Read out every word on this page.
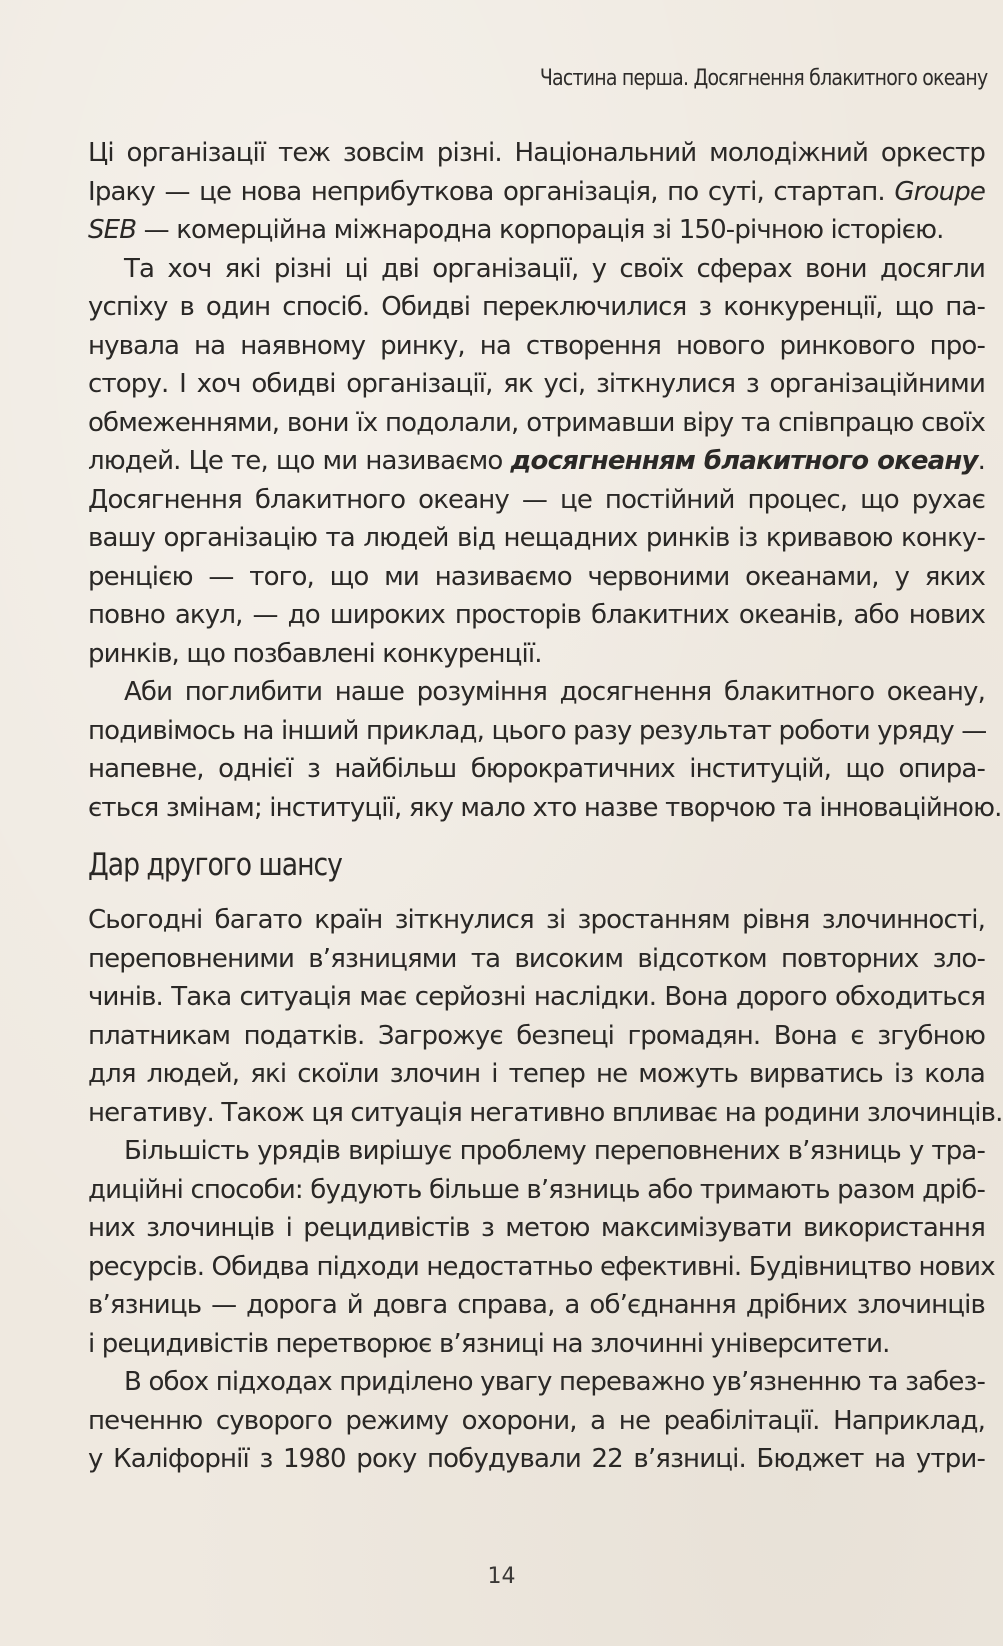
Частина перша. Досягнення блакитного океану
Ці організації теж зовсім різні. Національний молодіжний оркестр
Іраку — це нова неприбуткова організація, по суті, стартап. Groupe
SEB — комерційна міжнародна корпорація зі 150-річною історією.
Та хоч які різні ці дві організації, у своїх сферах вони досягли
успіху в один спосіб. Обидві переключилися з конкуренції, що па-
нувала на наявному ринку, на створення нового ринкового про-
стору. І хоч обидві організації, як усі, зіткнулися з організаційними
обмеженнями, вони їх подолали, отримавши віру та співпрацю своїх
людей. Це те, що ми називаємо досягненням блакитного океану.
Досягнення блакитного океану — це постійний процес, що рухає
вашу організацію та людей від нещадних ринків із кривавою конку-
ренцією — того, що ми називаємо червоними океанами, у яких
повно акул, — до широких просторів блакитних океанів, або нових
ринків, що позбавлені конкуренції.
Аби поглибити наше розуміння досягнення блакитного океану,
подивімось на інший приклад, цього разу результат роботи уряду —
напевне, однієї з найбільш бюрократичних інституцій, що опира-
ється змінам; інституції, яку мало хто назве творчою та інноваційною.
Дар другого шансу
Сьогодні багато країн зіткнулися зі зростанням рівня злочинності,
переповненими в’язницями та високим відсотком повторних зло-
чинів. Така ситуація має серйозні наслідки. Вона дорого обходиться
платникам податків. Загрожує безпеці громадян. Вона є згубною
для людей, які скоїли злочин і тепер не можуть вирватись із кола
негативу. Також ця ситуація негативно впливає на родини злочинців.
Більшість урядів вирішує проблему переповнених в’язниць у тра-
диційні способи: будують більше в’язниць або тримають разом дріб-
них злочинців і рецидивістів з метою максимізувати використання
ресурсів. Обидва підходи недостатньо ефективні. Будівництво нових
в’язниць — дорога й довга справа, а об’єднання дрібних злочинців
і рецидивістів перетворює в’язниці на злочинні університети.
В обох підходах приділено увагу переважно ув’язненню та забез-
печенню суворого режиму охорони, а не реабілітації. Наприклад,
у Каліфорнії з 1980 року побудували 22 в’язниці. Бюджет на утри-
14
